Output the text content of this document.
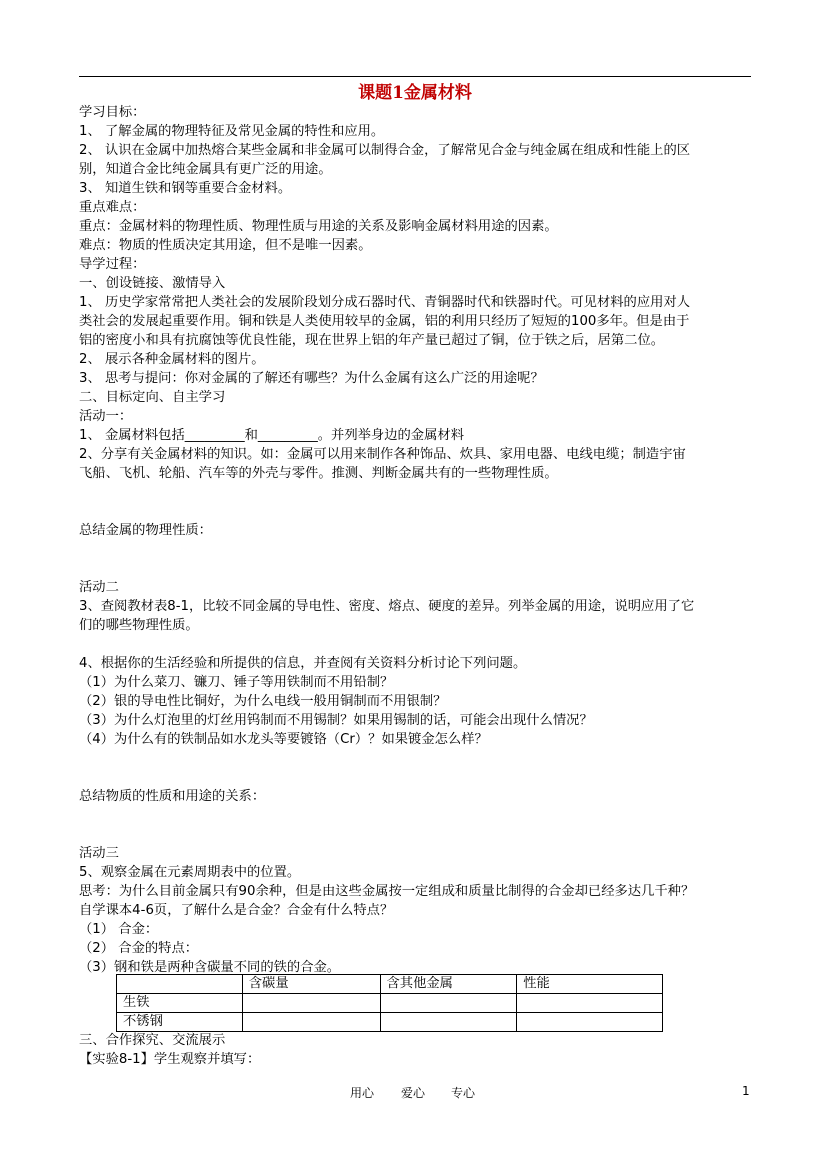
课题1金属材料
学习目标：
1、 了解金属的物理特征及常见金属的特性和应用。
2、 认识在金属中加热熔合某些金属和非金属可以制得合金，了解常见合金与纯金属在组成和性能上的区
别，知道合金比纯金属具有更广泛的用途。
3、 知道生铁和钢等重要合金材料。
重点难点：
重点：金属材料的物理性质、物理性质与用途的关系及影响金属材料用途的因素。
难点：物质的性质决定其用途，但不是唯一因素。
导学过程：
一、创设链接、激情导入
1、 历史学家常常把人类社会的发展阶段划分成石器时代、青铜器时代和铁器时代。可见材料的应用对人
类社会的发展起重要作用。铜和铁是人类使用较早的金属，铝的利用只经历了短短的100多年。但是由于
铝的密度小和具有抗腐蚀等优良性能，现在世界上铝的年产量已超过了铜，位于铁之后，居第二位。
2、 展示各种金属材料的图片。
3、 思考与提问：你对金属的了解还有哪些？为什么金属有这么广泛的用途呢？
二、目标定向、自主学习
活动一：
1、 金属材料包括_________和_________。并列举身边的金属材料
2、分享有关金属材料的知识。如：金属可以用来制作各种饰品、炊具、家用电器、电线电缆；制造宇宙
飞船、飞机、轮船、汽车等的外壳与零件。推测、判断金属共有的一些物理性质。
总结金属的物理性质：
活动二
3、查阅教材表8-1，比较不同金属的导电性、密度、熔点、硬度的差异。列举金属的用途，说明应用了它
们的哪些物理性质。
4、根据你的生活经验和所提供的信息，并查阅有关资料分析讨论下列问题。
（1）为什么菜刀、镰刀、锤子等用铁制而不用铅制？
（2）银的导电性比铜好，为什么电线一般用铜制而不用银制？
（3）为什么灯泡里的灯丝用钨制而不用锡制？如果用锡制的话，可能会出现什么情况？
（4）为什么有的铁制品如水龙头等要镀铬（Cr）？如果镀金怎么样？
总结物质的性质和用途的关系：
活动三
5、观察金属在元素周期表中的位置。
思考：为什么目前金属只有90余种，但是由这些金属按一定组成和质量比制得的合金却已经多达几千种？
自学课本4-6页，了解什么是合金？合金有什么特点？
（1） 合金：
（2） 合金的特点：
（3）钢和铁是两种含碳量不同的铁的合金。
	含碳量	含其他金属	性能
生铁			
不锈钢			
三、合作探究、交流展示
【实验8-1】学生观察并填写：
用心 爱心 专心	1
